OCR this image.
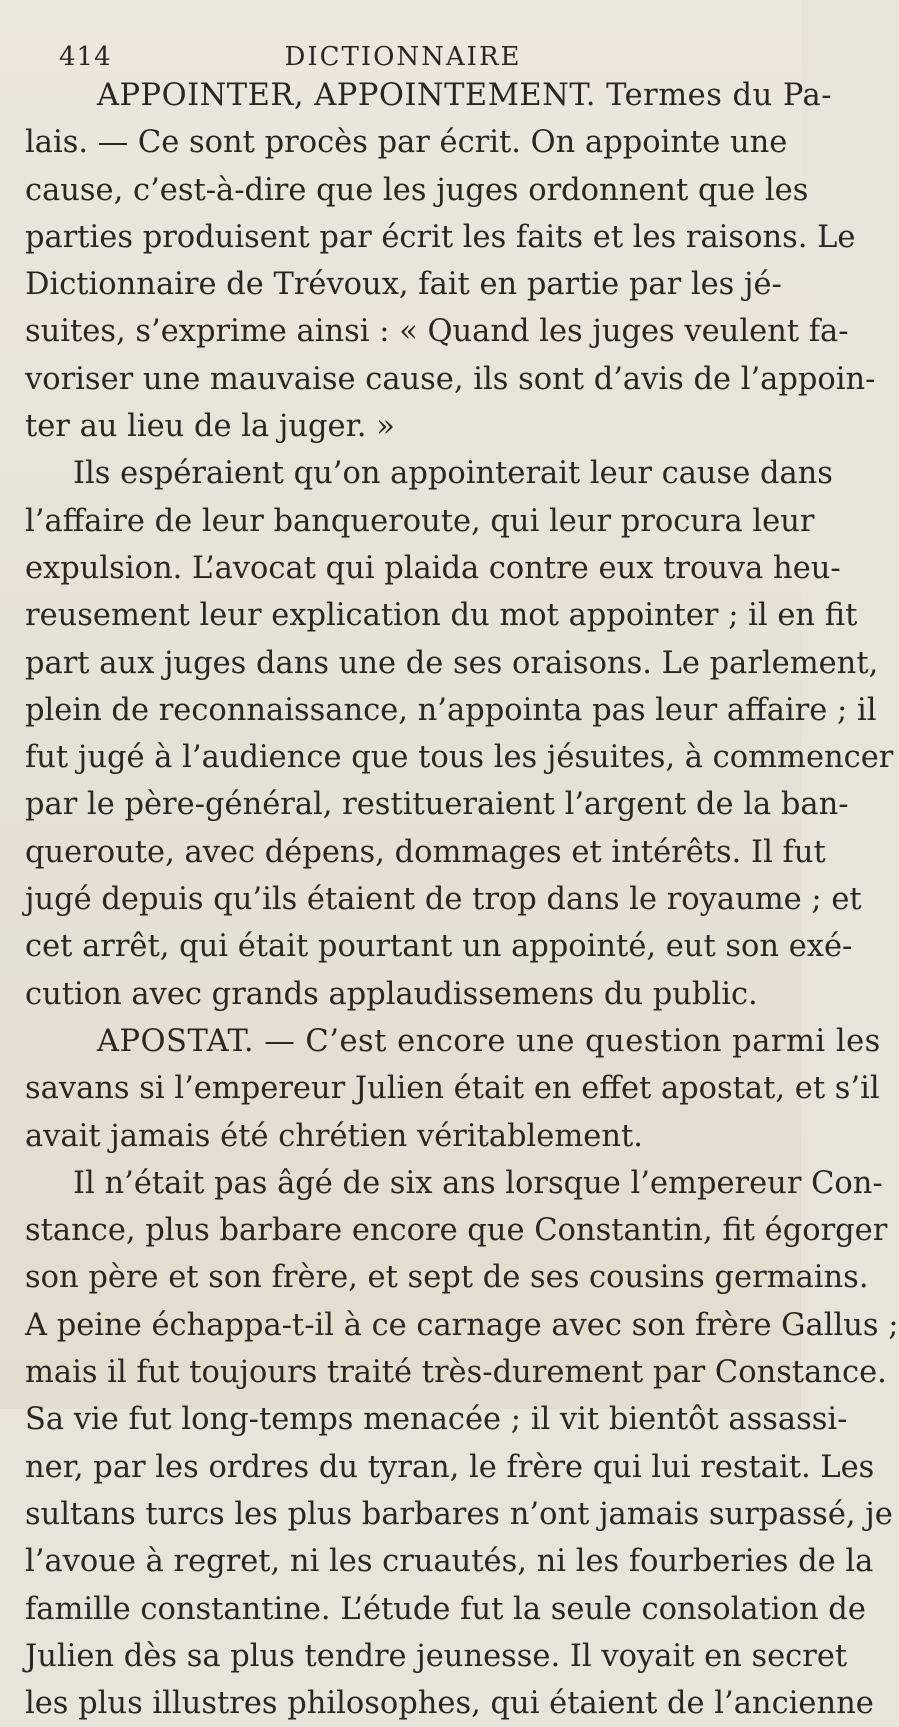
414	DICTIONNAIRE
APPOINTER, APPOINTEMENT. Termes du Pa-
lais. — Ce sont procès par écrit. On appointe une
cause, c’est-à-dire que les juges ordonnent que les
parties produisent par écrit les faits et les raisons. Le
Dictionnaire de Trévoux, fait en partie par les jé-
suites, s’exprime ainsi : « Quand les juges veulent fa-
voriser une mauvaise cause, ils sont d’avis de l’appoin-
ter au lieu de la juger. »
Ils espéraient qu’on appointerait leur cause dans
l’affaire de leur banqueroute, qui leur procura leur
expulsion. L’avocat qui plaida contre eux trouva heu-
reusement leur explication du mot appointer ; il en fit
part aux juges dans une de ses oraisons. Le parlement,
plein de reconnaissance, n’appointa pas leur affaire ; il
fut jugé à l’audience que tous les jésuites, à commencer
par le père-général, restitueraient l’argent de la ban-
queroute, avec dépens, dommages et intérêts. Il fut
jugé depuis qu’ils étaient de trop dans le royaume ; et
cet arrêt, qui était pourtant un appointé, eut son exé-
cution avec grands applaudissemens du public.
APOSTAT. — C’est encore une question parmi les
savans si l’empereur Julien était en effet apostat, et s’il
avait jamais été chrétien véritablement.
Il n’était pas âgé de six ans lorsque l’empereur Con-
stance, plus barbare encore que Constantin, fit égorger
son père et son frère, et sept de ses cousins germains.
A peine échappa-t-il à ce carnage avec son frère Gallus ;
mais il fut toujours traité très-durement par Constance.
Sa vie fut long-temps menacée ; il vit bientôt assassi-
ner, par les ordres du tyran, le frère qui lui restait. Les
sultans turcs les plus barbares n’ont jamais surpassé, je
l’avoue à regret, ni les cruautés, ni les fourberies de la
famille constantine. L’étude fut la seule consolation de
Julien dès sa plus tendre jeunesse. Il voyait en secret
les plus illustres philosophes, qui étaient de l’ancienne
